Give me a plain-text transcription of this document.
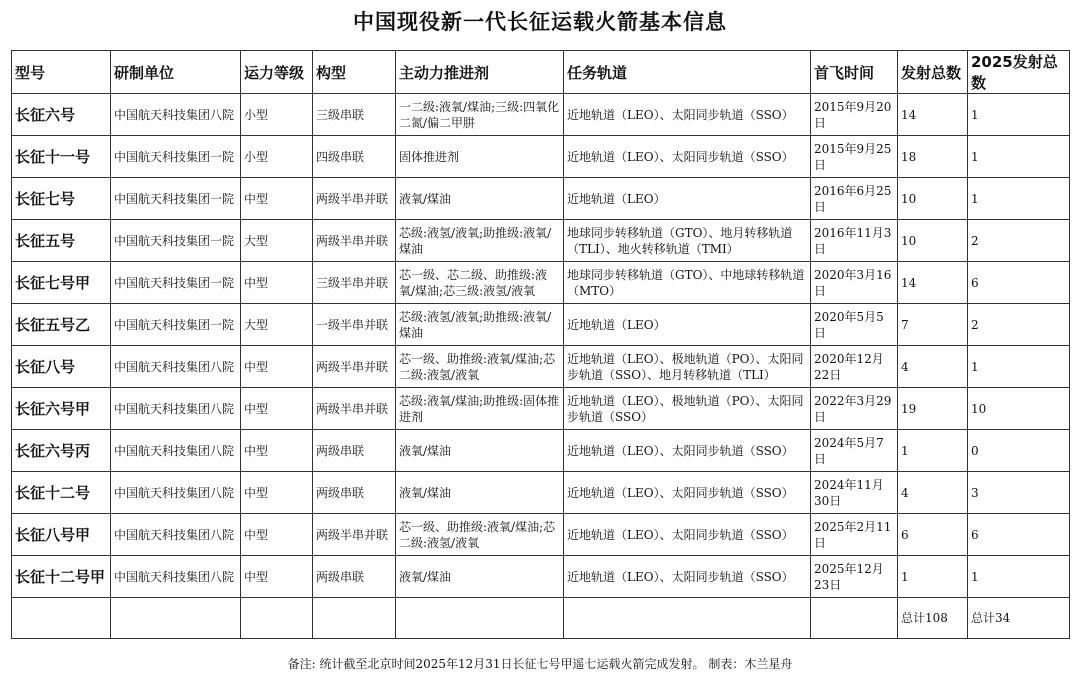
中国现役新一代长征运载火箭基本信息
型号	研制单位	运力等级	构型	主动力推进剂	任务轨道	首飞时间	发射总数	2025发射总数
长征六号	中国航天科技集团八院	小型	三级串联	一二级:液氧/煤油;三级:四氧化二氮/偏二甲肼	近地轨道（LEO）、太阳同步轨道（SSO）	2015年9月20日	14	1
长征十一号	中国航天科技集团一院	小型	四级串联	固体推进剂	近地轨道（LEO）、太阳同步轨道（SSO）	2015年9月25日	18	1
长征七号	中国航天科技集团一院	中型	两级半串并联	液氧/煤油	近地轨道（LEO）	2016年6月25日	10	1
长征五号	中国航天科技集团一院	大型	两级半串并联	芯级:液氢/液氧;助推级:液氧/煤油	地球同步转移轨道（GTO）、地月转移轨道（TLI）、地火转移轨道（TMI）	2016年11月3日	10	2
长征七号甲	中国航天科技集团一院	中型	三级半串并联	芯一级、芯二级、助推级:液氧/煤油;芯三级:液氢/液氧	地球同步转移轨道（GTO）、中地球转移轨道（MTO）	2020年3月16日	14	6
长征五号乙	中国航天科技集团一院	大型	一级半串并联	芯级:液氢/液氧;助推级:液氧/煤油	近地轨道（LEO）	2020年5月5日	7	2
长征八号	中国航天科技集团八院	中型	两级半串并联	芯一级、助推级:液氧/煤油;芯二级:液氢/液氧	近地轨道（LEO）、极地轨道（PO）、太阳同步轨道（SSO）、地月转移轨道（TLI）	2020年12月22日	4	1
长征六号甲	中国航天科技集团八院	中型	两级半串并联	芯级:液氧/煤油;助推级:固体推进剂	近地轨道（LEO）、极地轨道（PO）、太阳同步轨道（SSO）	2022年3月29日	19	10
长征六号丙	中国航天科技集团八院	中型	两级串联	液氧/煤油	近地轨道（LEO）、太阳同步轨道（SSO）	2024年5月7日	1	0
长征十二号	中国航天科技集团八院	中型	两级串联	液氧/煤油	近地轨道（LEO）、太阳同步轨道（SSO）	2024年11月30日	4	3
长征八号甲	中国航天科技集团八院	中型	两级半串并联	芯一级、助推级:液氧/煤油;芯二级:液氢/液氧	近地轨道（LEO）、太阳同步轨道（SSO）	2025年2月11日	6	6
长征十二号甲	中国航天科技集团八院	中型	两级串联	液氧/煤油	近地轨道（LEO）、太阳同步轨道（SSO）	2025年12月23日	1	1
							总计108	总计34
备注: 统计截至北京时间2025年12月31日长征七号甲遥七运载火箭完成发射。 制表：木兰星舟
